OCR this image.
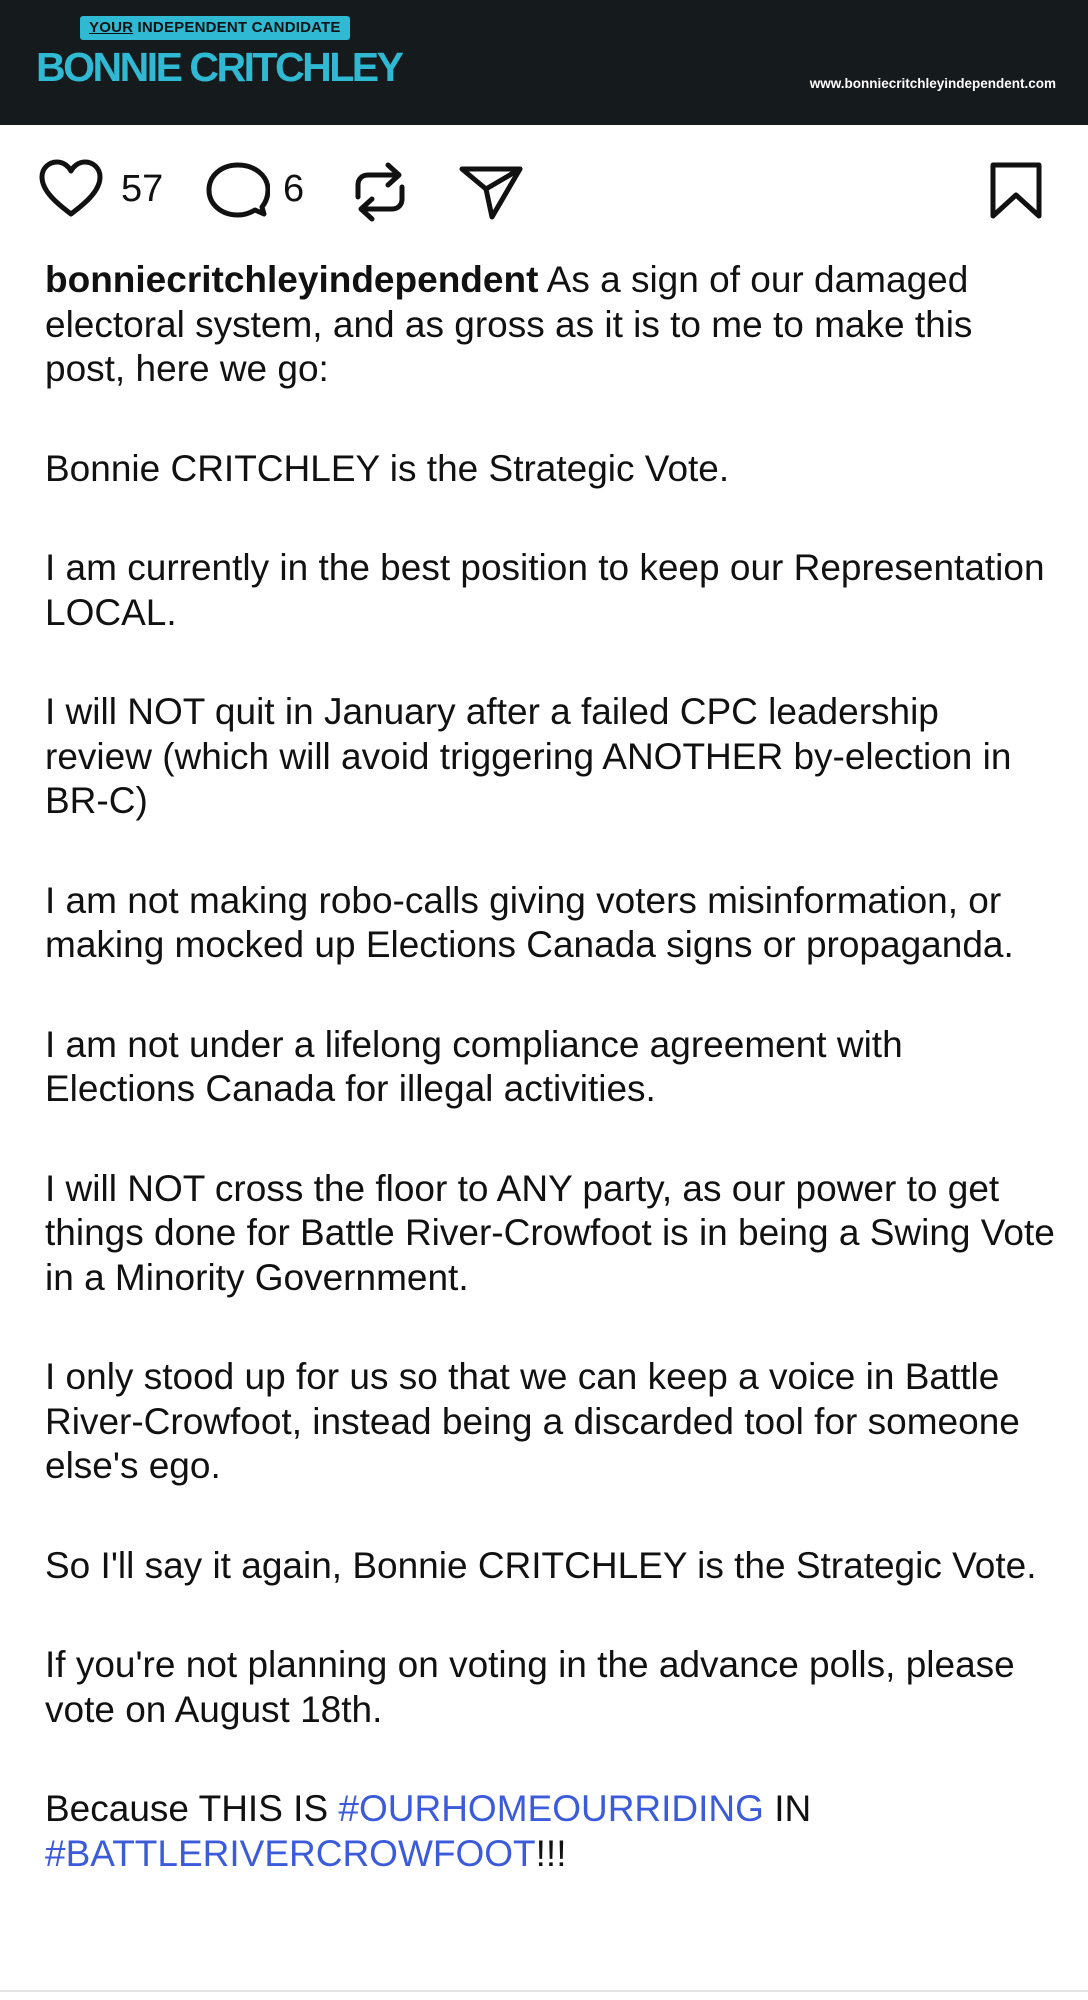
YOUR INDEPENDENT CANDIDATE
BONNIE CRITCHLEY	www.bonniecritchleyindependent.com
57	6

bonniecritchleyindependent As a sign of our damaged electoral system, and as gross as it is to me to make this post, here we go:

Bonnie CRITCHLEY is the Strategic Vote.

I am currently in the best position to keep our Representation LOCAL.

I will NOT quit in January after a failed CPC leadership review (which will avoid triggering ANOTHER by-election in BR-C)

I am not making robo-calls giving voters misinformation, or making mocked up Elections Canada signs or propaganda.

I am not under a lifelong compliance agreement with Elections Canada for illegal activities.

I will NOT cross the floor to ANY party, as our power to get things done for Battle River-Crowfoot is in being a Swing Vote in a Minority Government.

I only stood up for us so that we can keep a voice in Battle River-Crowfoot, instead being a discarded tool for someone else's ego.

So I'll say it again, Bonnie CRITCHLEY is the Strategic Vote.

If you're not planning on voting in the advance polls, please vote on August 18th.

Because THIS IS #OURHOMEOURRIDING IN #BATTLERIVERCROWFOOT!!!
